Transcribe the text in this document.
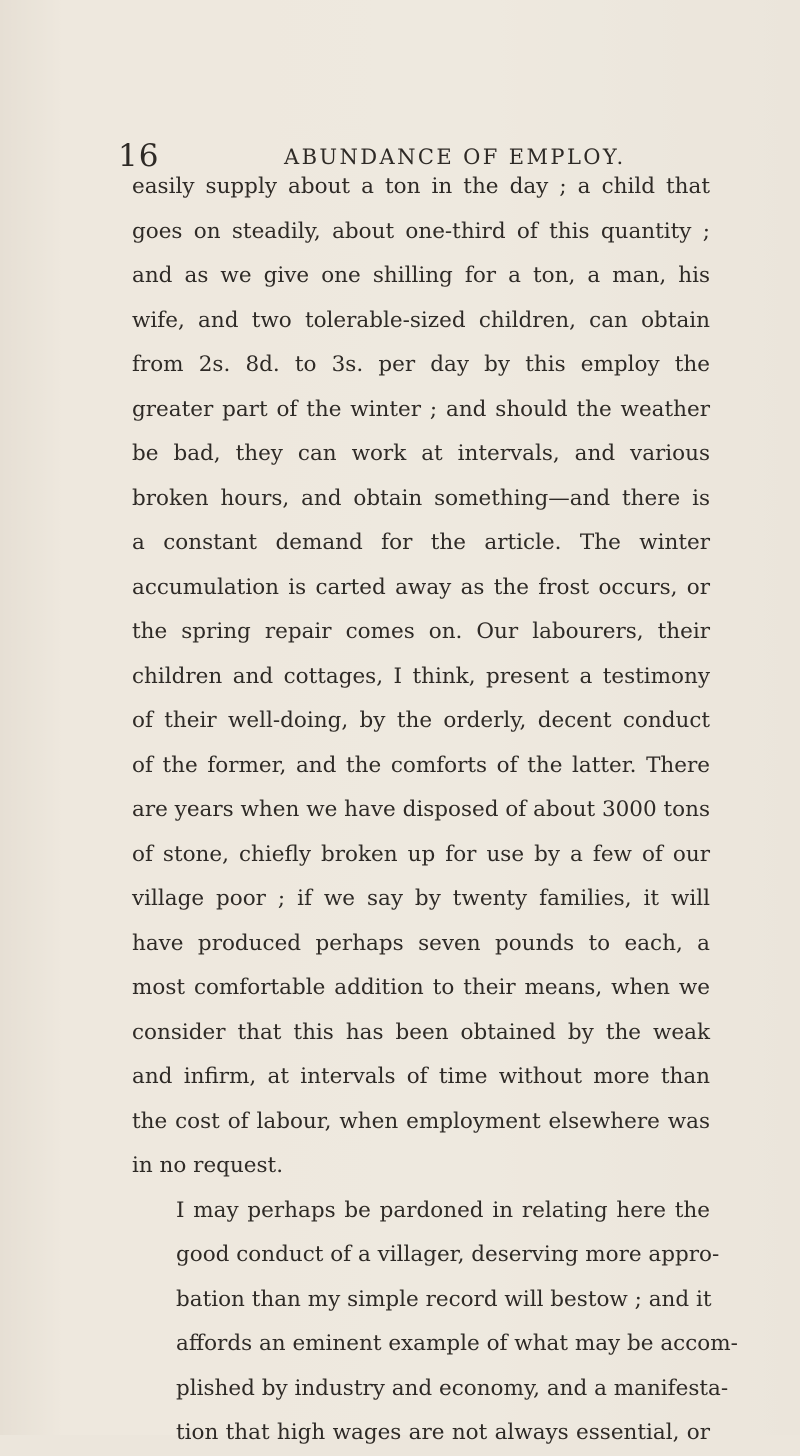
16	ABUNDANCE OF EMPLOY.

easily supply about a ton in the day ; a child that
goes on steadily, about one-third of this quantity ;
and as we give one shilling for a ton, a man, his
wife, and two tolerable-sized children, can obtain
from 2s. 8d. to 3s. per day by this employ the
greater part of the winter ; and should the weather
be bad, they can work at intervals, and various
broken hours, and obtain something—and there is
a constant demand for the article. The winter
accumulation is carted away as the frost occurs, or
the spring repair comes on. Our labourers, their
children and cottages, I think, present a testimony
of their well-doing, by the orderly, decent conduct
of the former, and the comforts of the latter. There
are years when we have disposed of about 3000 tons
of stone, chiefly broken up for use by a few of our
village poor ; if we say by twenty families, it will
have produced perhaps seven pounds to each, a
most comfortable addition to their means, when we
consider that this has been obtained by the weak
and infirm, at intervals of time without more than
the cost of labour, when employment elsewhere was
in no request.

I may perhaps be pardoned in relating here the
good conduct of a villager, deserving more appro-
bation than my simple record will bestow ; and it
affords an eminent example of what may be accom-
plished by industry and economy, and a manifesta-
tion that high wages are not always essential, or
